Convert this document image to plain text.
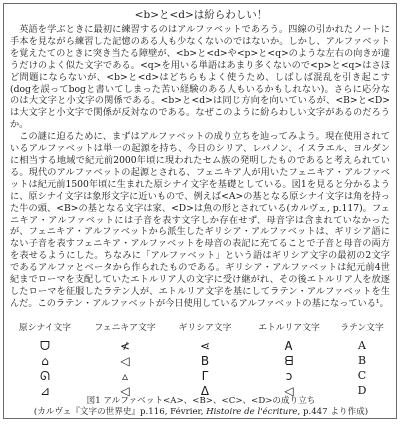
<b>と<d>は紛らわしい！

英語を学ぶときに最初に練習するのはアルファベットであろう。四線の引かれたノートに手本を見ながら練習した記憶のある人も少なくないのではないか。しかし、アルファベットを覚えたてのときに突き当たる障壁が、<b>と<d>や<p>と<q>のような左右の向きが違うだけのよく似た文字である。<q>を用いる単語はあまり多くないので<p>と<q>はさほど問題にならないが、<b>と<d>はどちらもよく使うため、しばしば混乱を引き起こす(dogを誤ってbogと書いてしまった苦い経験のある人もいるかもしれない)。さらに応分なのは大文字と小文字の関係である。<b>と<d>は同じ方向を向いているが、<B>と<D>は大文字と小文字で関係が反対なのである。なぜこのように紛らわしい文字があるのだろうか。

この謎に迫るために、まずはアルファベットの成り立ちを辿ってみよう。現在使用されているアルファベットは単一の起源を持ち、今日のシリア、レバノン、イスラエル、ヨルダンに相当する地域で紀元前2000年頃に現われたセム族の発明したものであると考えられている。現代のアルファベットの起源とされる、フェニキア人が用いたフェニキア・アルファベットは紀元前1500年頃に生まれた原シナイ文字を基礎としている。図1を見ると分かるように、原シナイ文字は象形文字に近いもので、例えば<A>の基となる原シナイ文字は角を持った牛の頭、<B>の基となる文字は家、<D>は魚の形とされている(カルヴェ, p.117)。フェニキア・アルファベットには子音を表す文字しか存在せず、母音字は含まれていなかったが、フェニキア・アルファベットから派生したギリシア・アルファベットは、ギリシア語にない子音を表すフェニキア・アルファベットを母音の表記に充てることで子音と母音の両方を表せるようにした。ちなみに「アルファベット」という語はギリシア文字の最初の2文字であるアルファとベータから作られたものである。ギリシア・アルファベットは紀元前4世紀までローマを支配していたエトルリア人の文字に受け継がれ、その後エトルリア人を放逐したローマを征服したラテン人が、エトルリア文字を基にしてラテン・アルファベットを生んだ。このラテン・アルファベットが今日使用しているアルファベットの基になっている¹。

原シナイ文字
ᗜ
⌂
ᘏ
⊿
フェニキア文字
≮
◁
▵
◁
ギリシア文字
⋖
B
Γ
Δ
エトルリア文字
Ꭺ
ᗺ
ↄ
◁
ラテン文字
A
B
C
D
図1 アルファベット<A>、<B>、<C>、<D>の成り立ち
(カルヴェ『文字の世界史』p.116, Février, Histoire de l'écriture, p.447 より作成)
